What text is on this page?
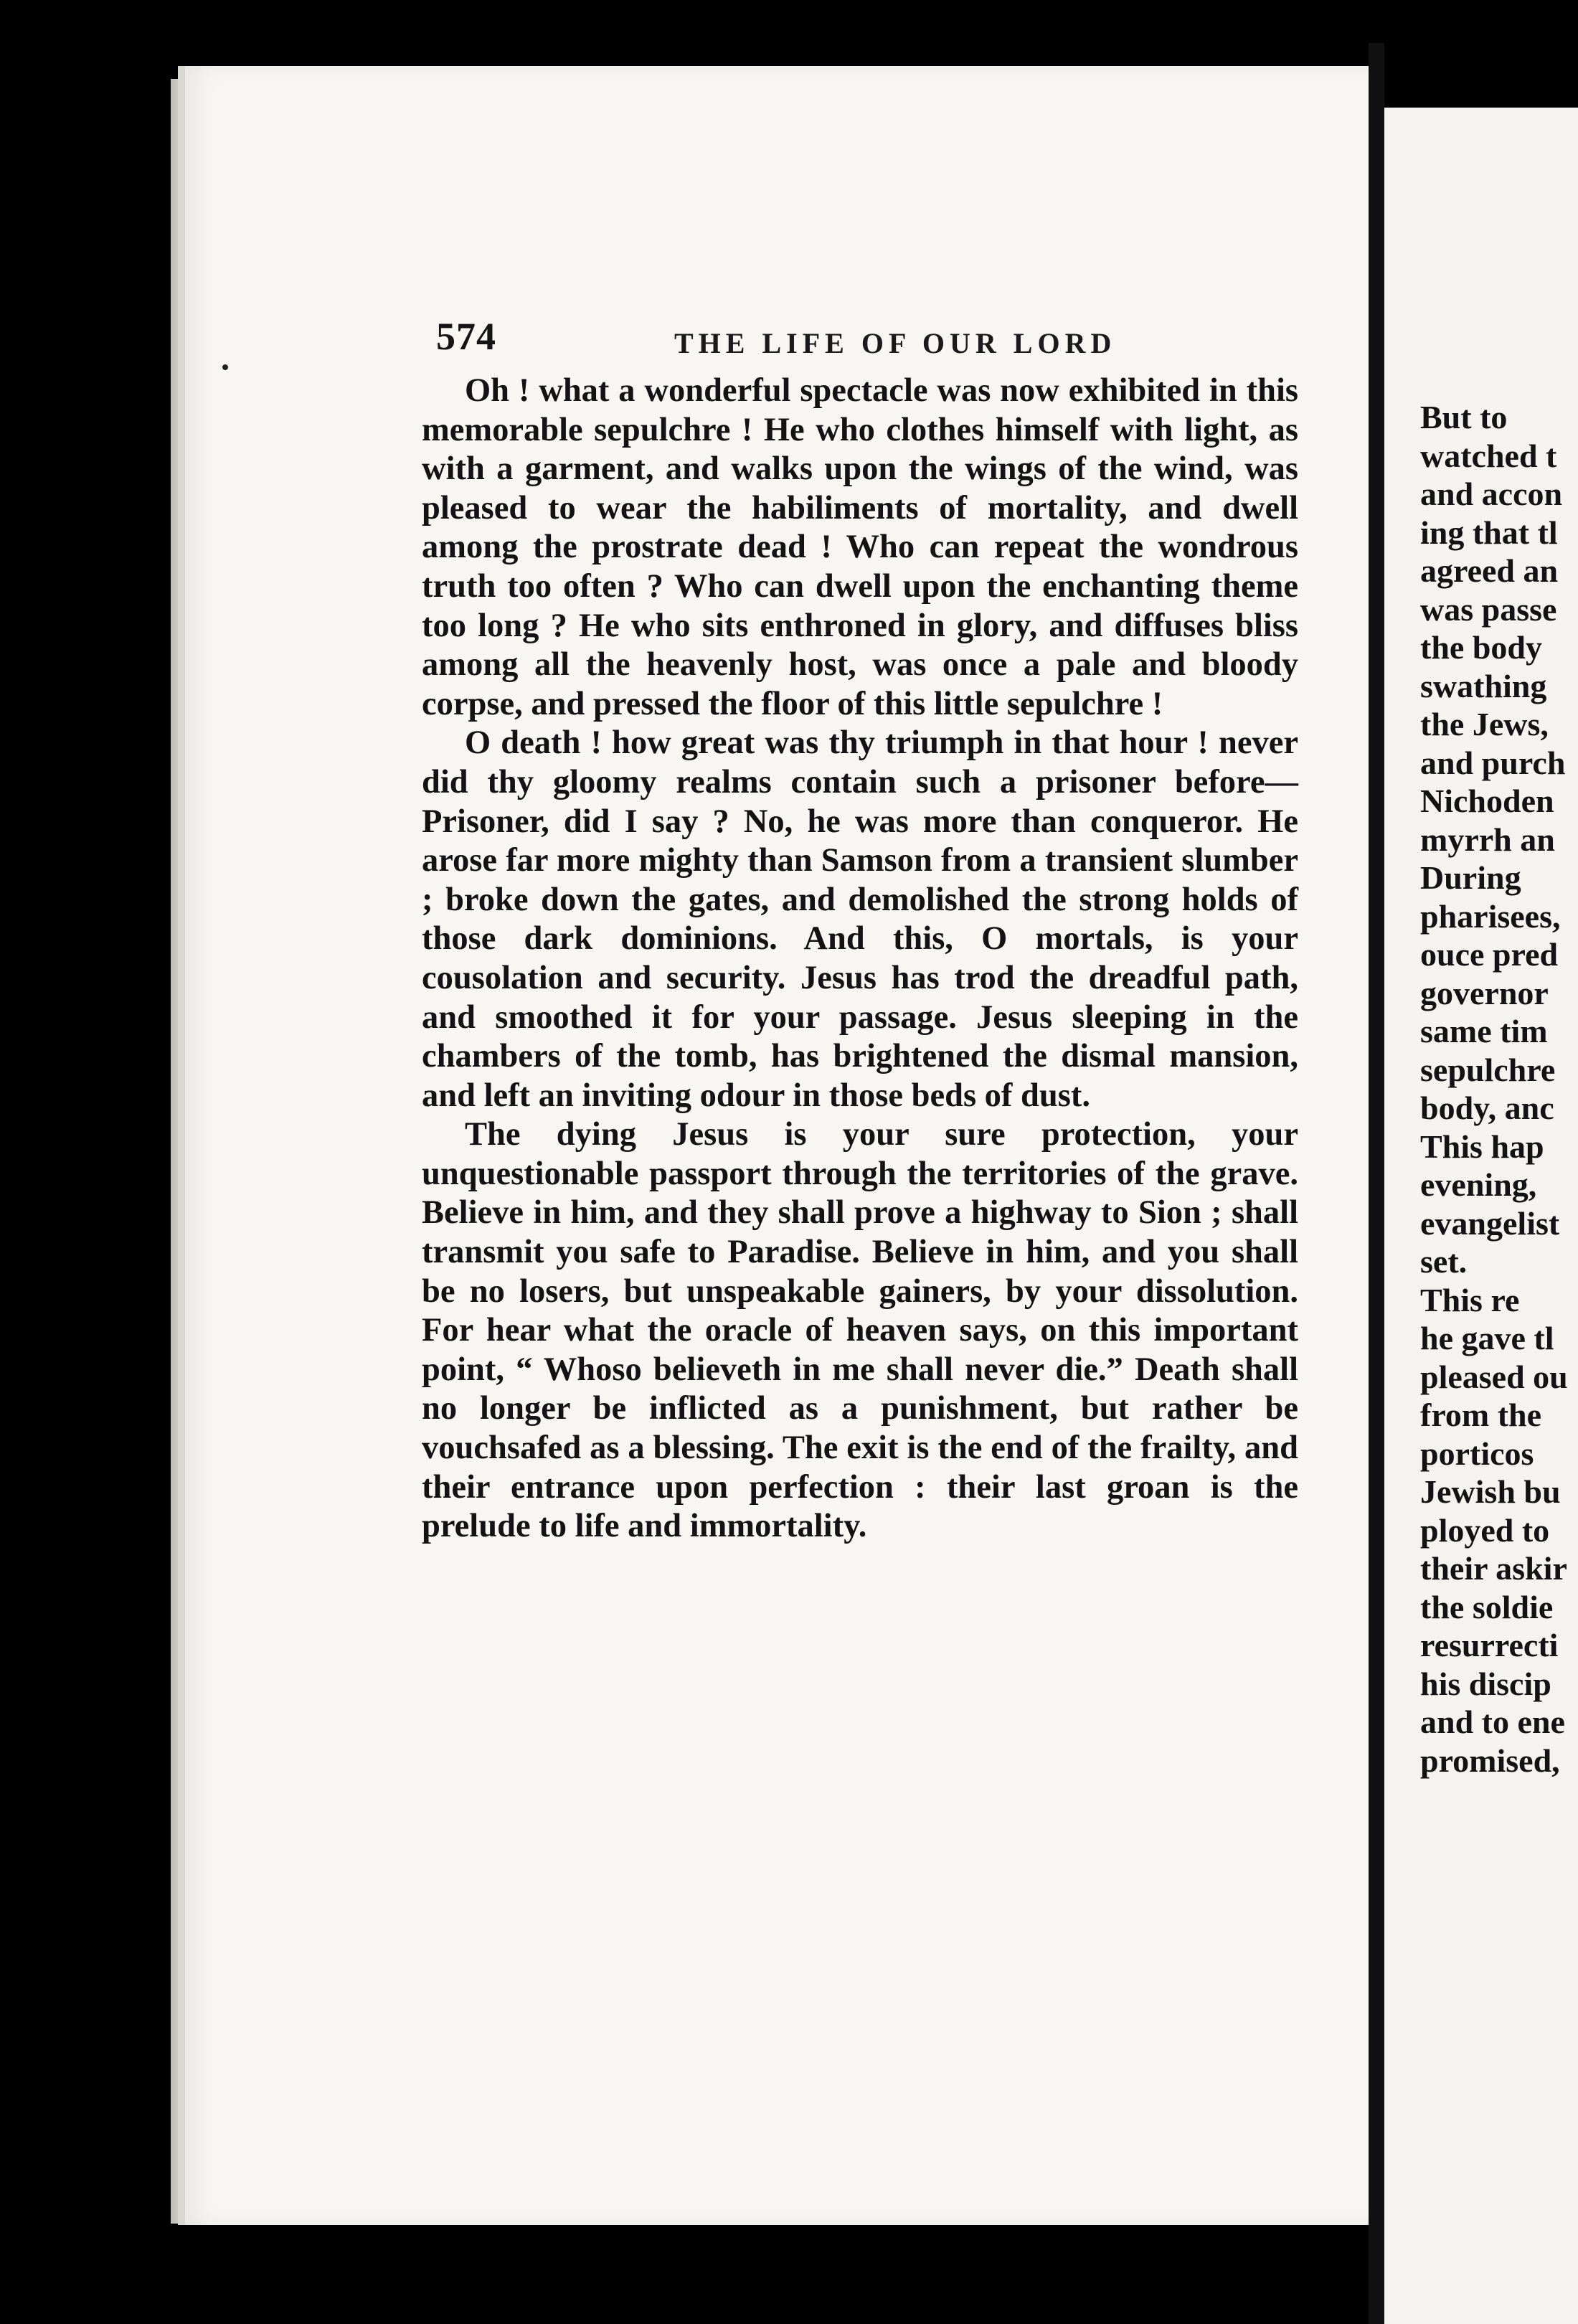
But to
watched t
and accon
ing that tl
agreed an
was passe
the body
swathing
the Jews,
and purch
Nichoden
myrrh an
During
pharisees,
ouce pred
governor
same tim
sepulchre
body, anc
This hap
evening,
evangelist
set.
This re
he gave tl
pleased ou
from the
porticos
Jewish bu
ployed to
their askir
the soldie
resurrecti
his discip
and to ene
promised,
574	THE LIFE OF OUR LORD

Oh ! what a wonderful spectacle was now exhibited in this memorable sepulchre ! He who clothes himself with light, as with a garment, and walks upon the wings of the wind, was pleased to wear the habiliments of mortality, and dwell among the prostrate dead ! Who can repeat the wondrous truth too often ? Who can dwell upon the enchanting theme too long ? He who sits enthroned in glory, and diffuses bliss among all the heavenly host, was once a pale and bloody corpse, and pressed the floor of this little sepulchre !

O death ! how great was thy triumph in that hour ! never did thy gloomy realms contain such a prisoner before—Prisoner, did I say ? No, he was more than conqueror. He arose far more mighty than Samson from a transient slumber ; broke down the gates, and demolished the strong holds of those dark dominions. And this, O mortals, is your cousolation and security. Jesus has trod the dreadful path, and smoothed it for your passage. Jesus sleeping in the chambers of the tomb, has brightened the dismal mansion, and left an inviting odour in those beds of dust.

The dying Jesus is your sure protection, your unquestionable passport through the territories of the grave. Believe in him, and they shall prove a highway to Sion ; shall transmit you safe to Paradise. Believe in him, and you shall be no losers, but unspeakable gainers, by your dissolution. For hear what the oracle of heaven says, on this important point, “ Whoso believeth in me shall never die.” Death shall no longer be inflicted as a punishment, but rather be vouchsafed as a blessing. The exit is the end of the frailty, and their entrance upon perfection : their last groan is the prelude to life and immortality.
